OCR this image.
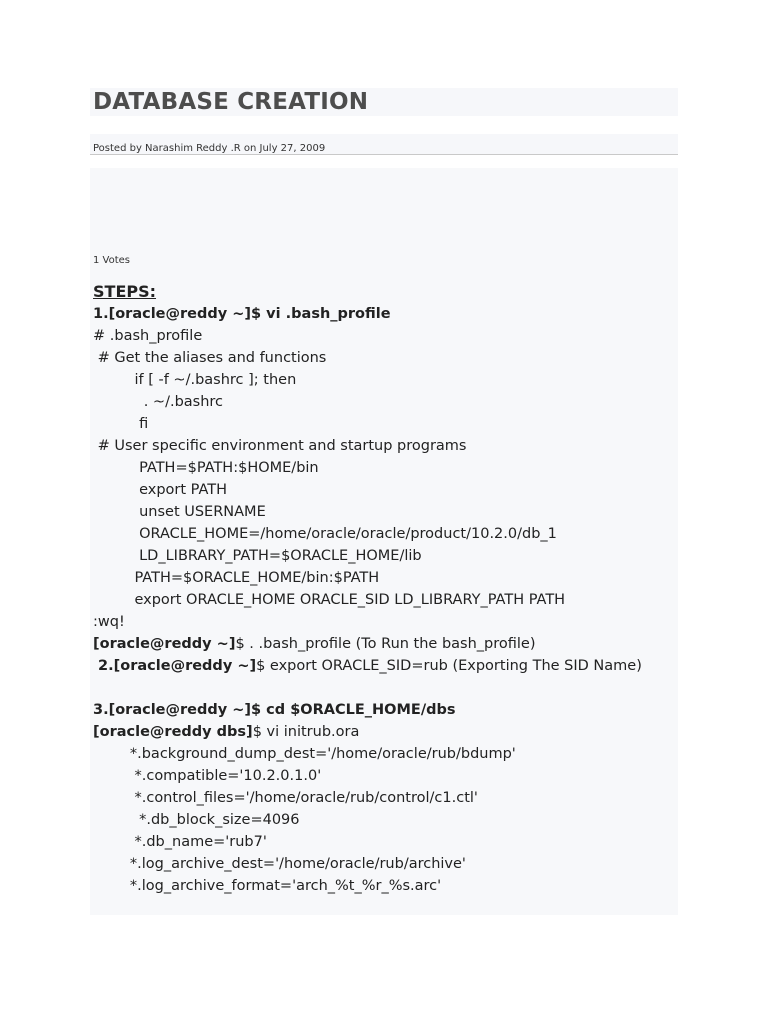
DATABASE CREATION
Posted by Narashim Reddy .R on July 27, 2009
1 Votes
STEPS:
1.[oracle@reddy ~]$ vi .bash_profile
# .bash_profile
# Get the aliases and functions
if [ -f ~/.bashrc ]; then
. ~/.bashrc
fi
# User specific environment and startup programs
PATH=$PATH:$HOME/bin
export PATH
unset USERNAME
ORACLE_HOME=/home/oracle/oracle/product/10.2.0/db_1
LD_LIBRARY_PATH=$ORACLE_HOME/lib
PATH=$ORACLE_HOME/bin:$PATH
export ORACLE_HOME ORACLE_SID LD_LIBRARY_PATH PATH
:wq!
[oracle@reddy ~]$ . .bash_profile (To Run the bash_profile)
2.[oracle@reddy ~]$ export ORACLE_SID=rub (Exporting The SID Name)
3.[oracle@reddy ~]$ cd $ORACLE_HOME/dbs
[oracle@reddy dbs]$ vi initrub.ora
*.background_dump_dest='/home/oracle/rub/bdump'
*.compatible='10.2.0.1.0'
*.control_files='/home/oracle/rub/control/c1.ctl'
*.db_block_size=4096
*.db_name='rub7'
*.log_archive_dest='/home/oracle/rub/archive'
*.log_archive_format='arch_%t_%r_%s.arc'
